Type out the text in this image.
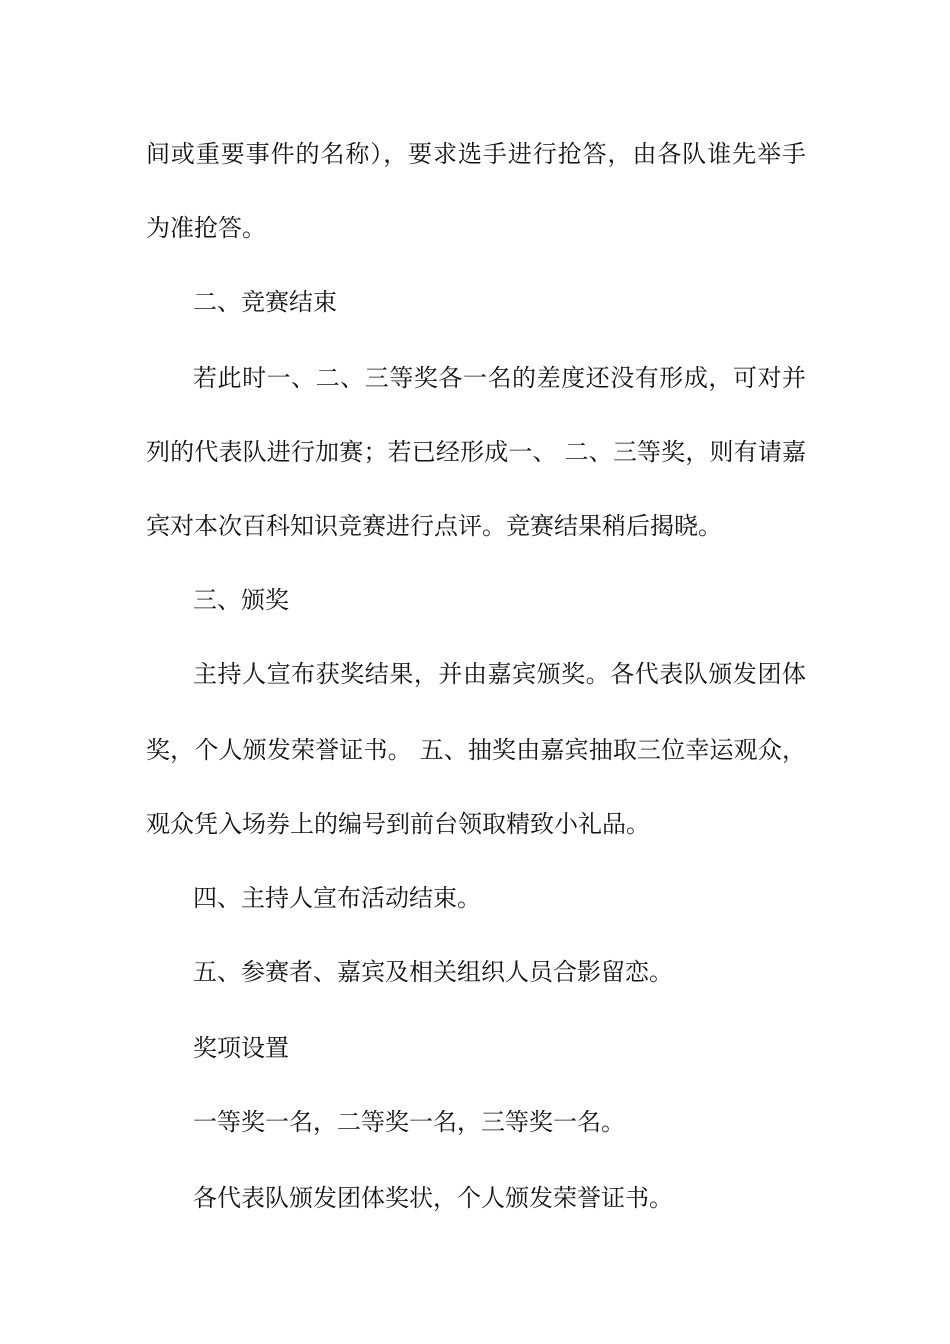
间或重要事件的名称），要求选手进行抢答，由各队谁先举手
为准抢答。
二、竞赛结束
若此时一、二、三等奖各一名的差度还没有形成，可对并
列的代表队进行加赛；若已经形成一、 二、三等奖，则有请嘉
宾对本次百科知识竞赛进行点评。竞赛结果稍后揭晓。
三、颁奖
主持人宣布获奖结果，并由嘉宾颁奖。各代表队颁发团体
奖，个人颁发荣誉证书。 五、抽奖由嘉宾抽取三位幸运观众，
观众凭入场券上的编号到前台领取精致小礼品。
四、主持人宣布活动结束。
五、参赛者、嘉宾及相关组织人员合影留恋。
奖项设置
一等奖一名，二等奖一名，三等奖一名。
各代表队颁发团体奖状，个人颁发荣誉证书。
